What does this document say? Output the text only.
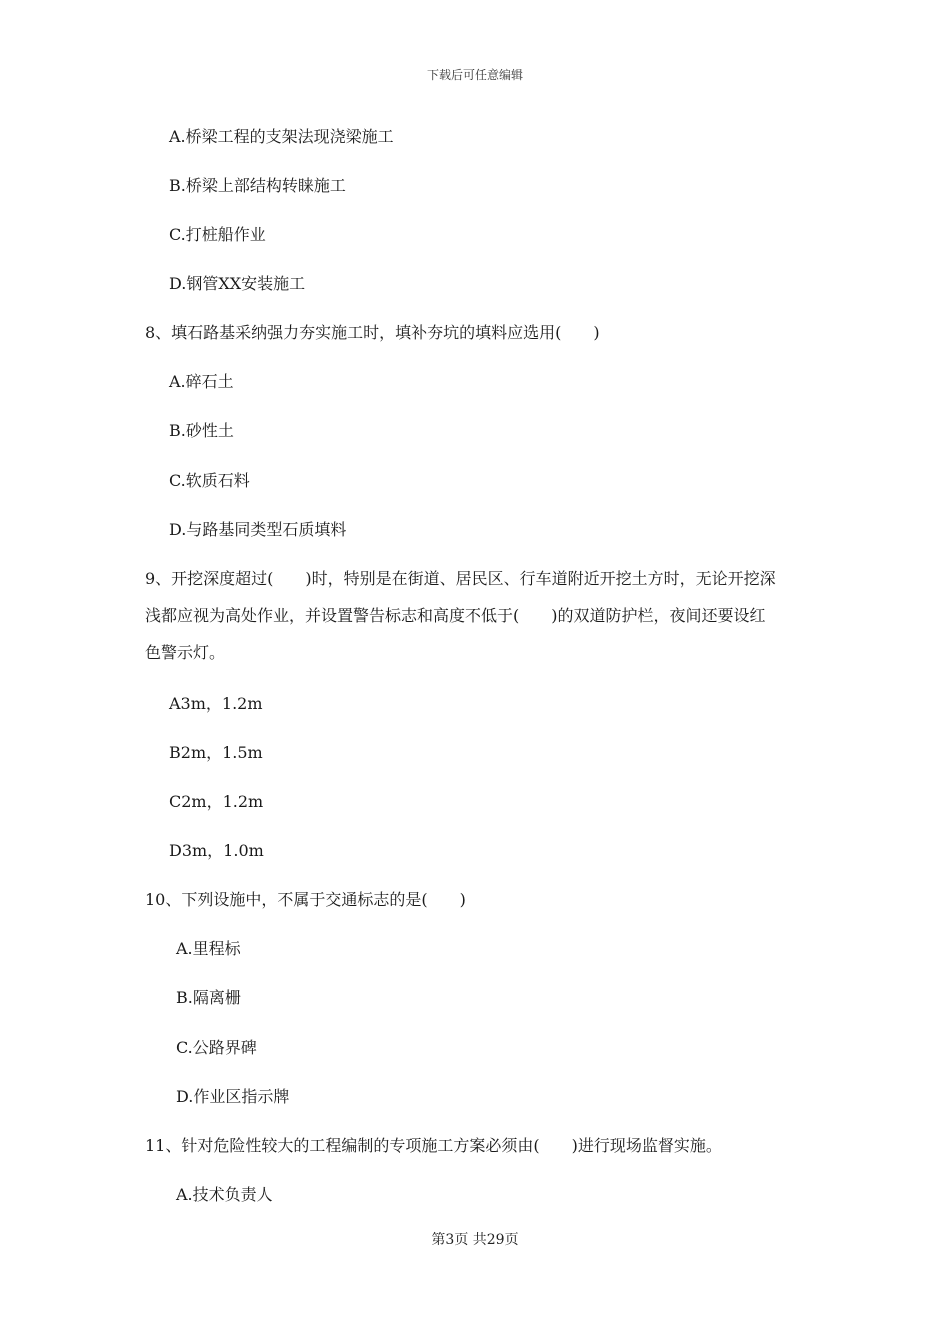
下载后可任意编辑
A.桥梁工程的支架法现浇梁施工
B.桥梁上部结构转睐施工
C.打桩船作业
D.钢管XX安装施工
8、填石路基采纳强力夯实施工时，填补夯坑的填料应选用(　　)
A.碎石土
B.砂性土
C.软质石料
D.与路基同类型石质填料
9、开挖深度超过(　　)时，特别是在街道、居民区、行车道附近开挖土方时，无论开挖深
浅都应视为高处作业，并设置警告标志和高度不低于(　　)的双道防护栏，夜间还要设红
色警示灯。
A3m，1.2m
B2m，1.5m
C2m，1.2m
D3m，1.0m
10、下列设施中，不属于交通标志的是(　　)
A.里程标
B.隔离栅
C.公路界碑
D.作业区指示牌
11、针对危险性较大的工程编制的专项施工方案必须由(　　)进行现场监督实施。
A.技术负责人
第3页 共29页
